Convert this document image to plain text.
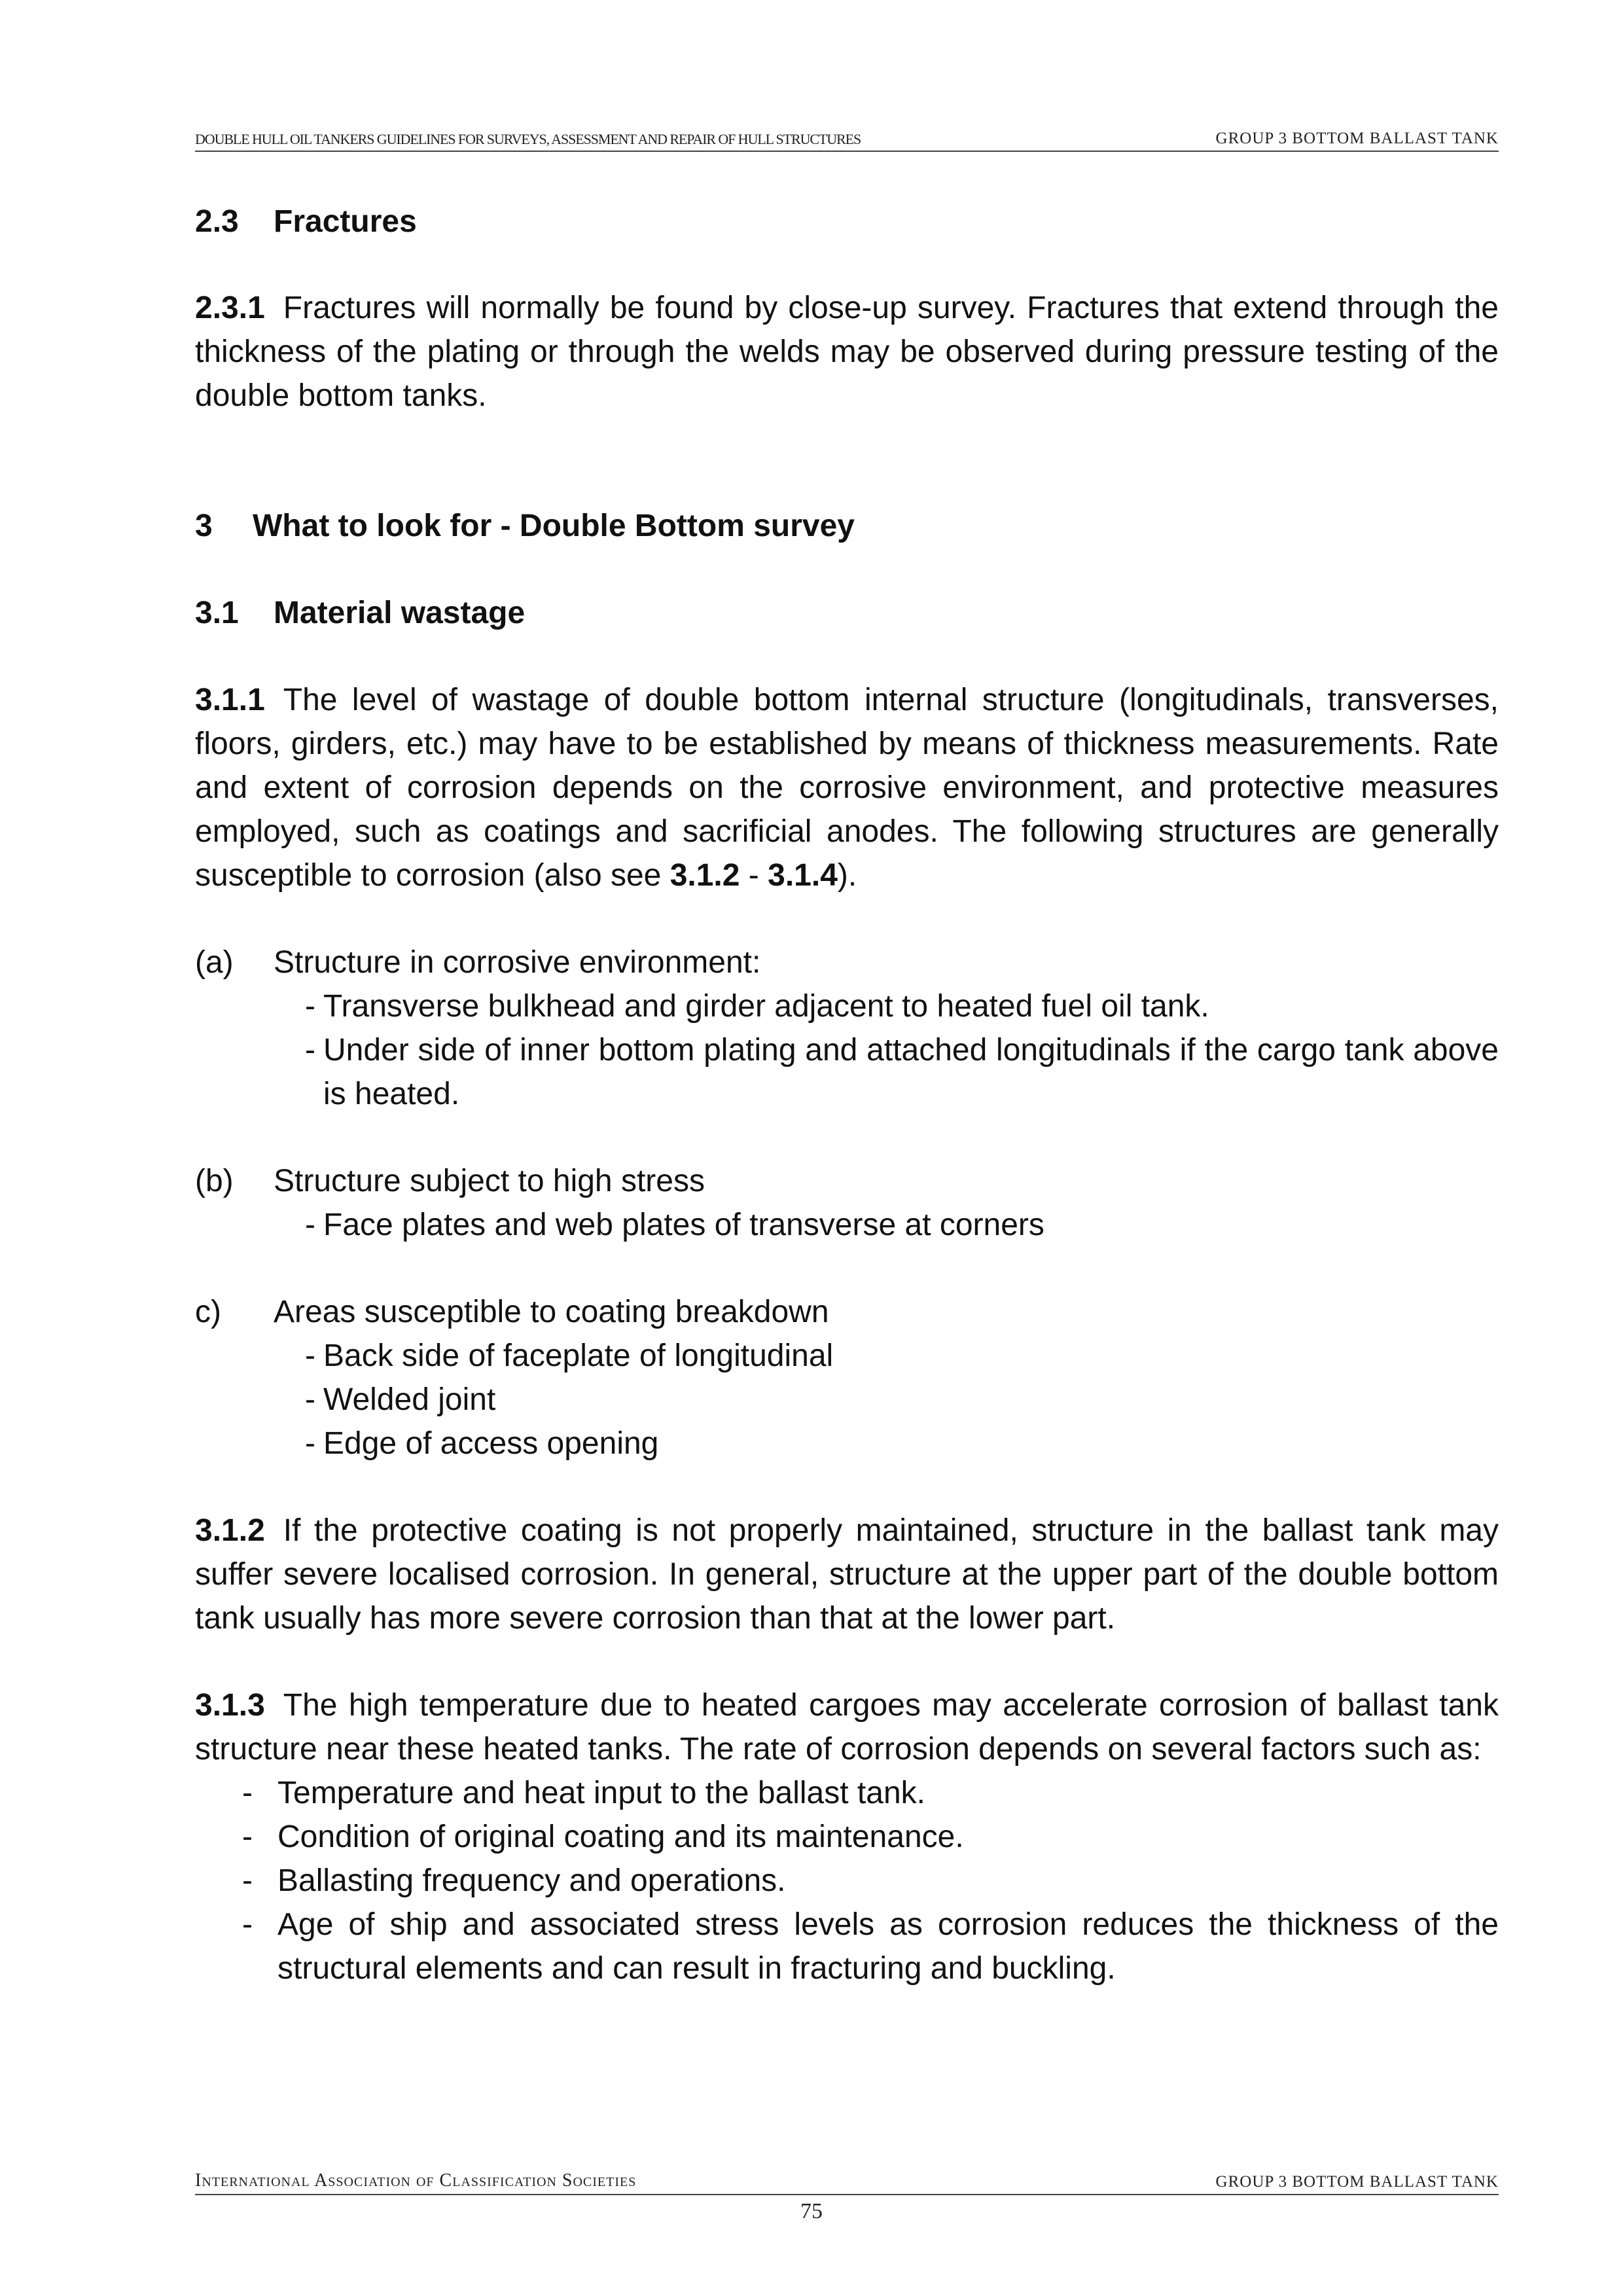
DOUBLE HULL OIL TANKERS GUIDELINES FOR SURVEYS, ASSESSMENT AND REPAIR OF HULL STRUCTURES	GROUP 3 BOTTOM BALLAST TANK
2.3 Fractures

2.3.1 Fractures will normally be found by close-up survey. Fractures that extend through the thickness of the plating or through the welds may be observed during pressure testing of the double bottom tanks.

3 What to look for - Double Bottom survey
3.1 Material wastage

3.1.1 The level of wastage of double bottom internal structure (longitudinals, transverses, floors, girders, etc.) may have to be established by means of thickness measurements. Rate and extent of corrosion depends on the corrosive environment, and protective measures employed, such as coatings and sacrificial anodes. The following structures are generally susceptible to corrosion (also see 3.1.2 - 3.1.4).

(a) Structure in corrosive environment:
- Transverse bulkhead and girder adjacent to heated fuel oil tank.
- Under side of inner bottom plating and attached longitudinals if the cargo tank above is heated.
(b) Structure subject to high stress
- Face plates and web plates of transverse at corners
c) Areas susceptible to coating breakdown
- Back side of faceplate of longitudinal
- Welded joint
- Edge of access opening

3.1.2 If the protective coating is not properly maintained, structure in the ballast tank may suffer severe localised corrosion. In general, structure at the upper part of the double bottom tank usually has more severe corrosion than that at the lower part.

3.1.3 The high temperature due to heated cargoes may accelerate corrosion of ballast tank structure near these heated tanks. The rate of corrosion depends on several factors such as:

- Temperature and heat input to the ballast tank.
- Condition of original coating and its maintenance.
- Ballasting frequency and operations.
- Age of ship and associated stress levels as corrosion reduces the thickness of the structural elements and can result in fracturing and buckling.
International Association of Classification Societies	GROUP 3 BOTTOM BALLAST TANK
75
